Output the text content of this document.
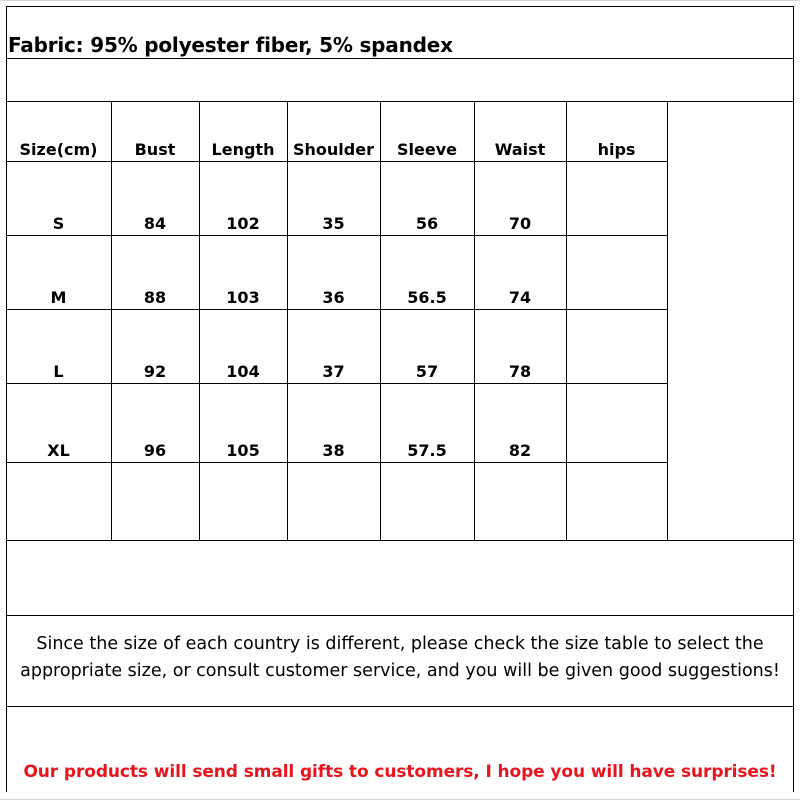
Fabric: 95% polyester fiber, 5% spandex
Size(cm)	Bust	Length	Shoulder	Sleeve	Waist	hips
S	84	102	35	56	70
M	88	103	36	56.5	74
L	92	104	37	57	78
XL	96	105	38	57.5	82
Since the size of each country is different, please check the size table to select the
appropriate size, or consult customer service, and you will be given good suggestions!
Our products will send small gifts to customers, I hope you will have surprises!
